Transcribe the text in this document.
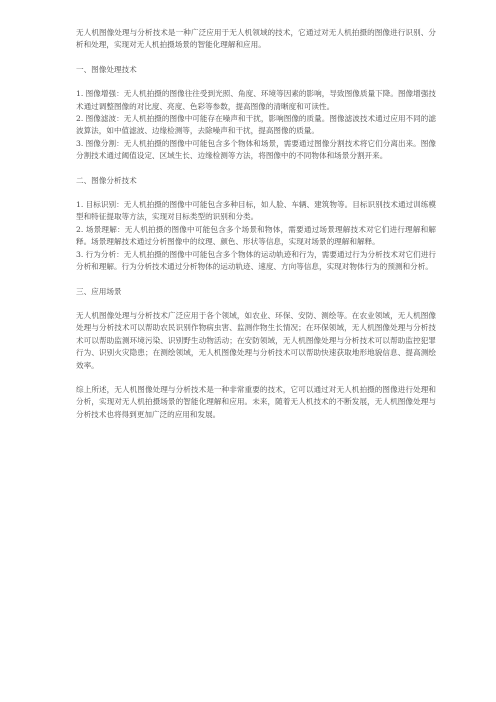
无人机图像处理与分析技术是一种广泛应用于无人机领域的技术，它通过对无人机拍摄的图像进行识别、分析和处理，实现对无人机拍摄场景的智能化理解和应用。

一、图像处理技术

1. 图像增强：无人机拍摄的图像往往受到光照、角度、环境等因素的影响，导致图像质量下降。图像增强技术通过调整图像的对比度、亮度、色彩等参数，提高图像的清晰度和可读性。

2. 图像滤波：无人机拍摄的图像中可能存在噪声和干扰，影响图像的质量。图像滤波技术通过应用不同的滤波算法，如中值滤波、边缘检测等，去除噪声和干扰，提高图像的质量。

3. 图像分割：无人机拍摄的图像中可能包含多个物体和场景，需要通过图像分割技术将它们分离出来。图像分割技术通过阈值设定、区域生长、边缘检测等方法，将图像中的不同物体和场景分割开来。

二、图像分析技术

1. 目标识别：无人机拍摄的图像中可能包含多种目标，如人脸、车辆、建筑物等。目标识别技术通过训练模型和特征提取等方法，实现对目标类型的识别和分类。

2. 场景理解：无人机拍摄的图像中可能包含多个场景和物体，需要通过场景理解技术对它们进行理解和解释。场景理解技术通过分析图像中的纹理、颜色、形状等信息，实现对场景的理解和解释。

3. 行为分析：无人机拍摄的图像中可能包含多个物体的运动轨迹和行为，需要通过行为分析技术对它们进行分析和理解。行为分析技术通过分析物体的运动轨迹、速度、方向等信息，实现对物体行为的预测和分析。

三、应用场景

无人机图像处理与分析技术广泛应用于各个领域，如农业、环保、安防、测绘等。在农业领域，无人机图像处理与分析技术可以帮助农民识别作物病虫害、监测作物生长情况；在环保领域，无人机图像处理与分析技术可以帮助监测环境污染、识别野生动物活动；在安防领域，无人机图像处理与分析技术可以帮助监控犯罪行为、识别火灾隐患；在测绘领域，无人机图像处理与分析技术可以帮助快速获取地形地貌信息、提高测绘效率。

综上所述，无人机图像处理与分析技术是一种非常重要的技术，它可以通过对无人机拍摄的图像进行处理和分析，实现对无人机拍摄场景的智能化理解和应用。未来，随着无人机技术的不断发展，无人机图像处理与分析技术也将得到更加广泛的应用和发展。
